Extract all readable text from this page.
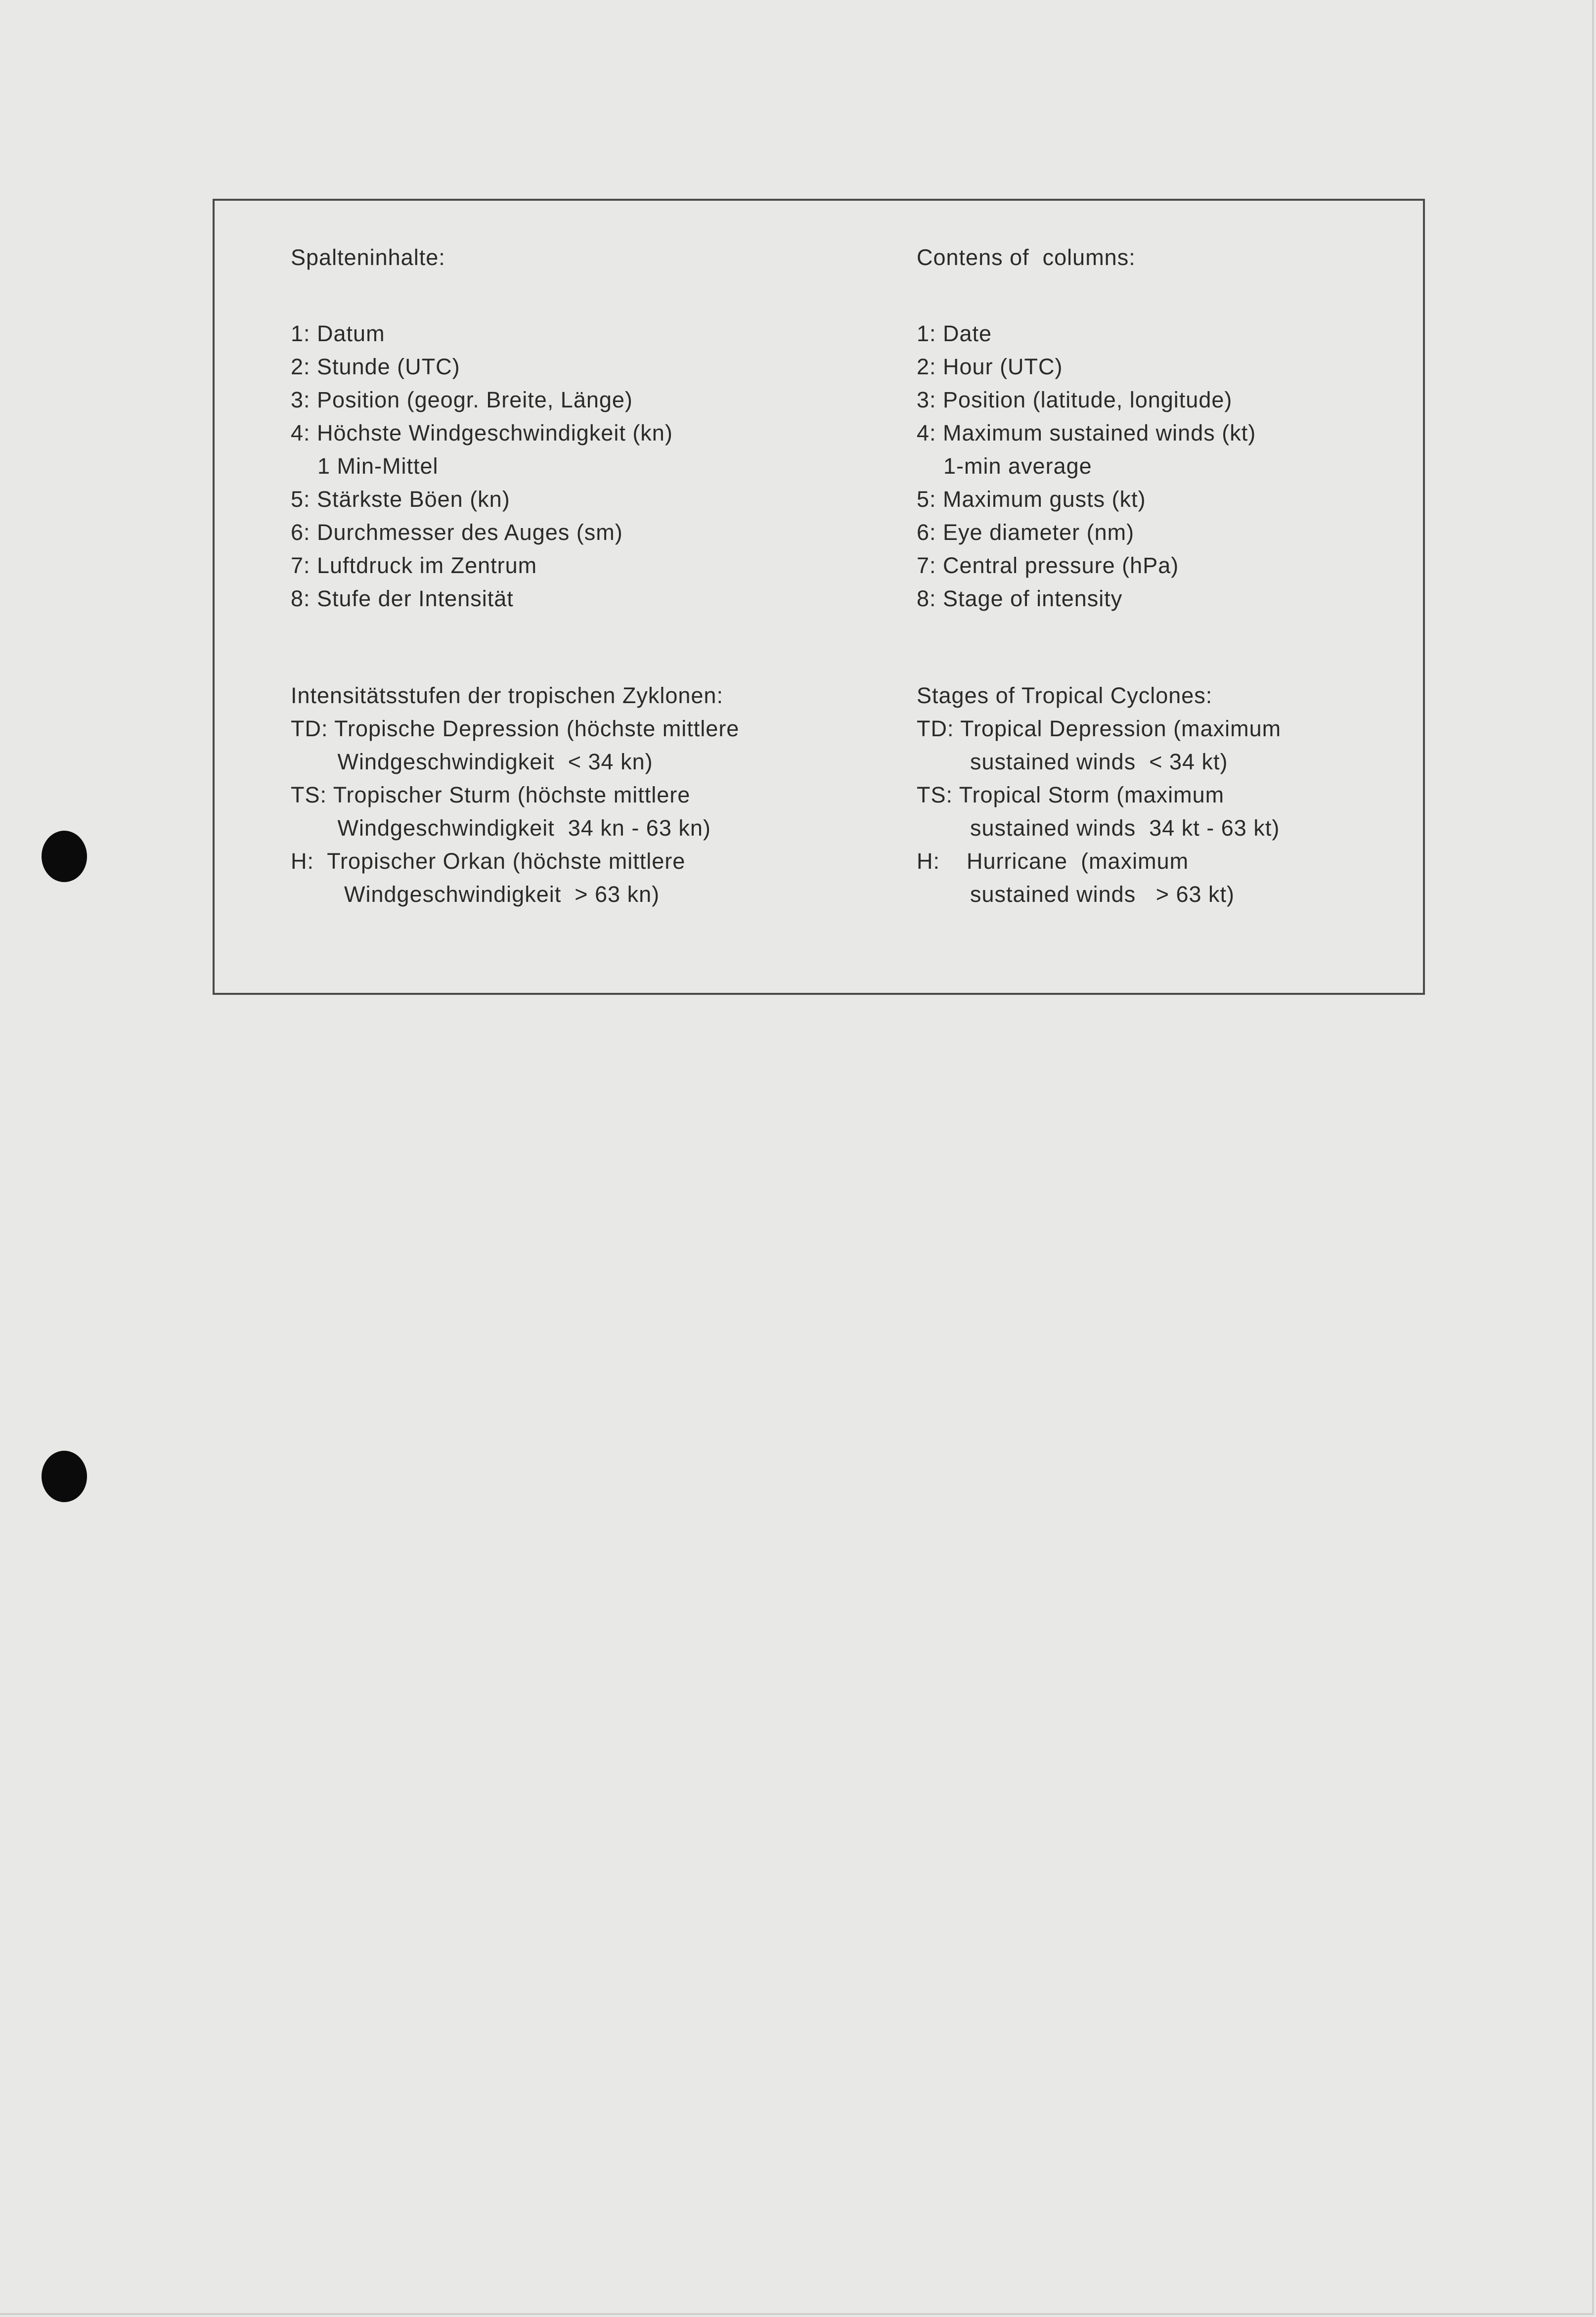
Spalteninhalte:
1: Datum
2: Stunde (UTC)
3: Position (geogr. Breite, Länge)
4: Höchste Windgeschwindigkeit (kn)
1 Min-Mittel
5: Stärkste Böen (kn)
6: Durchmesser des Auges (sm)
7: Luftdruck im Zentrum
8: Stufe der Intensität
Intensitätsstufen der tropischen Zyklonen:
TD: Tropische Depression (höchste mittlere
Windgeschwindigkeit  < 34 kn)
TS: Tropischer Sturm (höchste mittlere
Windgeschwindigkeit  34 kn - 63 kn)
H:  Tropischer Orkan (höchste mittlere
Windgeschwindigkeit  > 63 kn)
Contens of  columns:
1: Date
2: Hour (UTC)
3: Position (latitude, longitude)
4: Maximum sustained winds (kt)
1-min average
5: Maximum gusts (kt)
6: Eye diameter (nm)
7: Central pressure (hPa)
8: Stage of intensity
Stages of Tropical Cyclones:
TD: Tropical Depression (maximum
sustained winds  < 34 kt)
TS: Tropical Storm (maximum
sustained winds  34 kt - 63 kt)
H:    Hurricane  (maximum
sustained winds   > 63 kt)
